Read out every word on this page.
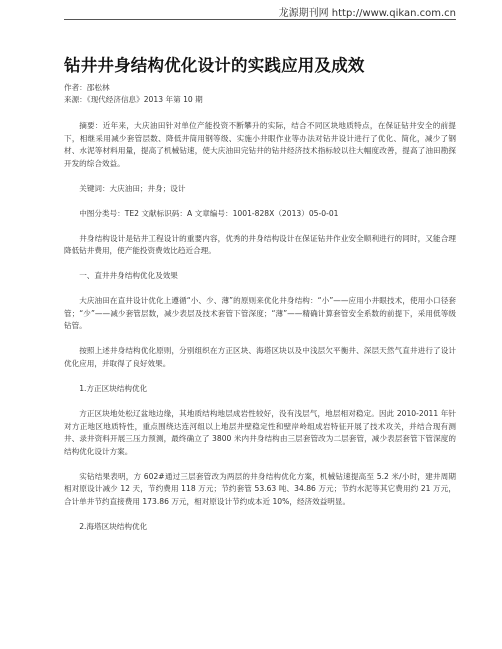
龙源期刊网 http://www.qikan.com.cn
钻井井身结构优化设计的实践应用及成效
作者：邵松林
来源：《现代经济信息》2013 年第 10 期

摘要：近年来，大庆油田针对单位产能投资不断攀升的实际，结合不同区块地质特点，在保证钻井安全的前提下，相继采用减少套管层数、降低井筒用钢等级、实施小井眼作业等办法对钻井设计进行了优化、简化，减少了钢材、水泥等材料用量，提高了机械钻速，使大庆油田完钻井的钻井经济技术指标较以往大幅度改善，提高了油田勘探开发的综合效益。

关键词：大庆油田；井身；设计

中图分类号：TE2 文献标识码：A 文章编号：1001-828X（2013）05-0-01

井身结构设计是钻井工程设计的重要内容，优秀的井身结构设计在保证钻井作业安全顺利进行的同时，又能合理降低钻井费用，使产能投资费效比趋近合理。

一、直井井身结构优化及效果

大庆油田在直井设计优化上遵循“小、少、薄”的原则来优化井身结构：“小”——应用小井眼技术，使用小口径套管；“少”——减少套管层数，减少表层及技术套管下管深度；“薄”——精确计算套管安全系数的前提下，采用低等级钻管。

按照上述井身结构优化原则，分别组织在方正区块、海塔区块以及中浅层欠平衡井、深层天然气直井进行了设计优化应用，并取得了良好效果。

1.方正区块结构优化

方正区块地处松辽盆地边缘，其地质结构地层成岩性较好，没有浅层气，地层相对稳定。因此 2010-2011 年针对方正地区地质特性，重点围绕达连河组以上地层井壁稳定性和壁岸岭组成岩特征开展了技术攻关，并结合现有测井、录井资料开展三压力预测，最终确立了 3800 米内井身结构由三层套管改为二层套管，减少表层套管下管深度的结构优化设计方案。

实钻结果表明，方 602#通过三层套管改为两层的井身结构优化方案，机械钻速提高至 5.2 米/小时，建井周期相对原设计减少 12 天，节约费用 118 万元；节约套管 53.63 吨、34.86 万元；节约水泥等其它费用约 21 万元，合计单井节约直接费用 173.86 万元，相对原设计节约成本近 10%，经济效益明显。

2.海塔区块结构优化
